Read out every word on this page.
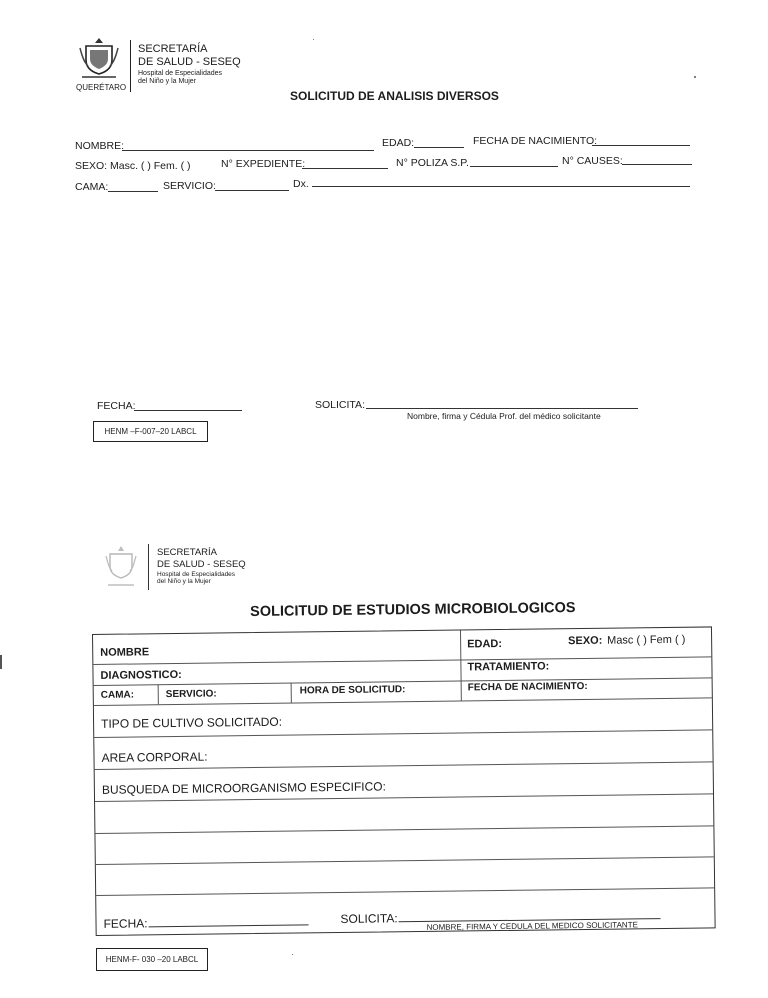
QUERÉTARO
SECRETARÍA
DE SALUD - SESEQ
Hospital de Especialidades
del Niño y la Mujer
SOLICITUD DE ANALISIS DIVERSOS
NOMBRE:	EDAD:	FECHA DE NACIMIENTO:
SEXO: Masc. ( ) Fem. ( )	N° EXPEDIENTE:	N° POLIZA S.P.	N° CAUSES:
CAMA:	SERVICIO:	Dx.
FECHA:	SOLICITA:
Nombre, firma y Cédula Prof. del médico solicitante
HENM –F-007–20 LABCL
SECRETARÍA
DE SALUD - SESEQ
Hospital de Especialidades
del Niño y la Mujer
SOLICITUD DE ESTUDIOS MICROBIOLOGICOS
NOMBRE
EDAD:	SEXO: Masc ( ) Fem ( )
DIAGNOSTICO:
TRATAMIENTO:
CAMA:	SERVICIO:	HORA DE SOLICITUD:	FECHA DE NACIMIENTO:
TIPO DE CULTIVO SOLICITADO:
AREA CORPORAL:
BUSQUEDA DE MICROORGANISMO ESPECIFICO:
FECHA:	SOLICITA:
NOMBRE, FIRMA Y CEDULA DEL MEDICO SOLICITANTE
HENM-F- 030 –20 LABCL
